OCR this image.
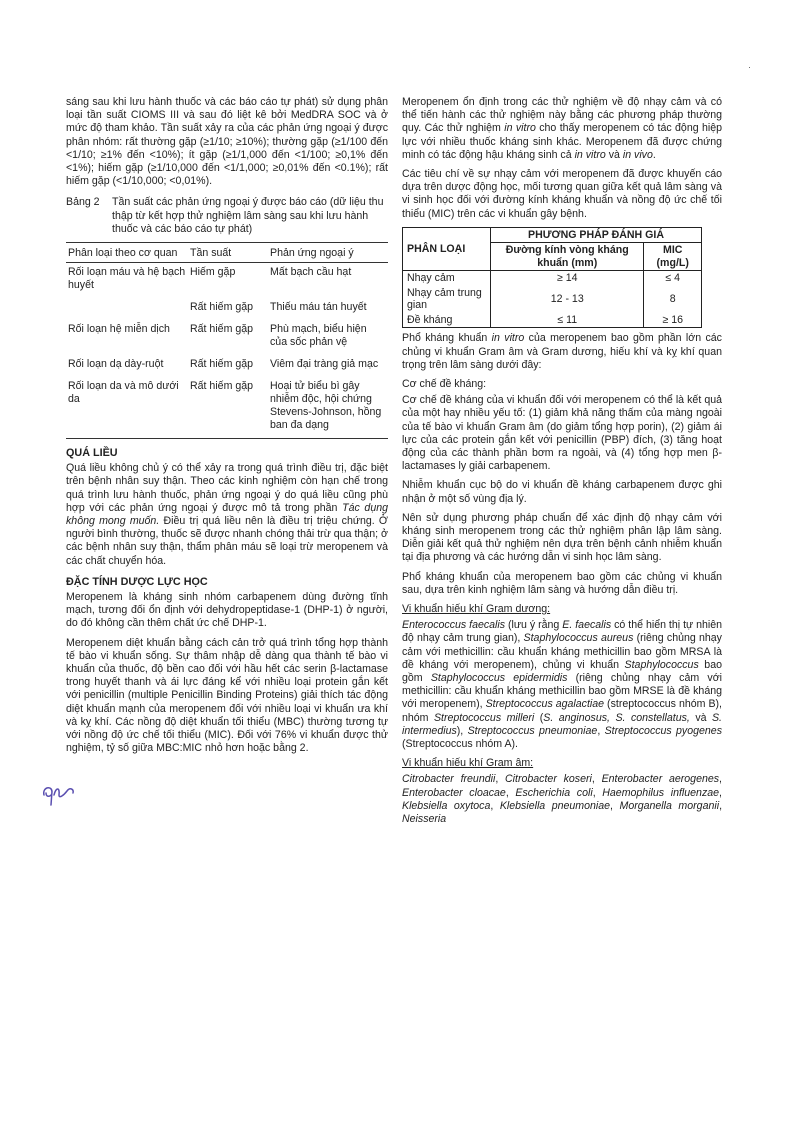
·

sáng sau khi lưu hành thuốc và các báo cáo tự phát) sử dụng phân loại tần suất CIOMS III và sau đó liệt kê bởi MedDRA SOC và ở mức độ tham khảo. Tần suất xảy ra của các phản ứng ngoại ý được phân nhóm: rất thường gặp (≥1/10; ≥10%); thường gặp (≥1/100 đến <1/10; ≥1% đến <10%); ít gặp (≥1/1,000 đến <1/100; ≥0,1% đến <1%); hiếm gặp (≥1/10,000 đến <1/1,000; ≥0,01% đến <0.1%); rất hiếm gặp (<1/10,000; <0,01%).

Bảng 2	Tần suất các phản ứng ngoại ý được báo cáo (dữ liệu thu thập từ kết hợp thử nghiệm lâm sàng sau khi lưu hành thuốc và các báo cáo tự phát)
Phân loại theo cơ quan	Tần suất	Phản ứng ngoại ý
Rối loạn máu và hệ bạch huyết	Hiếm gặp	Mất bạch cầu hạt
	Rất hiếm gặp	Thiếu máu tán huyết
Rối loạn hệ miễn dịch	Rất hiếm gặp	Phù mạch, biểu hiện của sốc phản vệ
Rối loạn dạ dày-ruột	Rất hiếm gặp	Viêm đại tràng giả mạc
Rối loạn da và mô dưới da	Rất hiếm gặp	Hoại tử biểu bì gây nhiễm độc, hội chứng Stevens-Johnson, hồng ban đa dạng
QUÁ LIỀU

Quá liều không chủ ý có thể xảy ra trong quá trình điều trị, đặc biệt trên bệnh nhân suy thận. Theo các kinh nghiệm còn hạn chế trong quá trình lưu hành thuốc, phản ứng ngoại ý do quá liều cũng phù hợp với các phản ứng ngoại ý được mô tả trong phần Tác dụng không mong muốn. Điều trị quá liều nên là điều trị triệu chứng. Ở người bình thường, thuốc sẽ được nhanh chóng thải trừ qua thận; ở các bệnh nhân suy thận, thẩm phân máu sẽ loại trừ meropenem và các chất chuyển hóa.

ĐẶC TÍNH DƯỢC LỰC HỌC

Meropenem là kháng sinh nhóm carbapenem dùng đường tĩnh mạch, tương đối ổn định với dehydropeptidase-1 (DHP-1) ở người, do đó không cần thêm chất ức chế DHP-1.

Meropenem diệt khuẩn bằng cách cản trở quá trình tổng hợp thành tế bào vi khuẩn sống. Sự thâm nhập dễ dàng qua thành tế bào vi khuẩn của thuốc, độ bền cao đối với hầu hết các serin β-lactamase trong huyết thanh và ái lực đáng kể với nhiều loại protein gắn kết với penicillin (multiple Penicillin Binding Proteins) giải thích tác động diệt khuẩn mạnh của meropenem đối với nhiều loại vi khuẩn ưa khí và kỵ khí. Các nồng độ diệt khuẩn tối thiểu (MBC) thường tương tự với nồng độ ức chế tối thiểu (MIC). Đối với 76% vi khuẩn được thử nghiệm, tỷ số giữa MBC:MIC nhỏ hơn hoặc bằng 2.

Meropenem ổn định trong các thử nghiệm về độ nhạy cảm và có thể tiến hành các thử nghiệm này bằng các phương pháp thường quy. Các thử nghiệm in vitro cho thấy meropenem có tác động hiệp lực với nhiều thuốc kháng sinh khác. Meropenem đã được chứng minh có tác động hậu kháng sinh cả in vitro và in vivo.

Các tiêu chí về sự nhạy cảm với meropenem đã được khuyến cáo dựa trên dược động học, mối tương quan giữa kết quả lâm sàng và vi sinh học đối với đường kính kháng khuẩn và nồng độ ức chế tối thiểu (MIC) trên các vi khuẩn gây bệnh.

PHÂN LOẠI	PHƯƠNG PHÁP ĐÁNH GIÁ	
	Đường kính vòng kháng khuẩn (mm)	MIC (mg/L)
Nhạy cảm	≥ 14	≤ 4
Nhạy cảm trung gian	12 - 13	8
Đề kháng	≤ 11	≥ 16

Phổ kháng khuẩn in vitro của meropenem bao gồm phần lớn các chủng vi khuẩn Gram âm và Gram dương, hiếu khí và kỵ khí quan trọng trên lâm sàng dưới đây:

Cơ chế đề kháng:

Cơ chế đề kháng của vi khuẩn đối với meropenem có thể là kết quả của một hay nhiều yếu tố: (1) giảm khả năng thấm của màng ngoài của tế bào vi khuẩn Gram âm (do giảm tổng hợp porin), (2) giảm ái lực của các protein gắn kết với penicillin (PBP) đích, (3) tăng hoạt động của các thành phần bơm ra ngoài, và (4) tổng hợp men β-lactamases ly giải carbapenem.

Nhiễm khuẩn cục bộ do vi khuẩn đề kháng carbapenem được ghi nhận ở một số vùng địa lý.

Nên sử dụng phương pháp chuẩn để xác định độ nhạy cảm với kháng sinh meropenem trong các thử nghiệm phân lập lâm sàng. Diễn giải kết quả thử nghiệm nên dựa trên bệnh cảnh nhiễm khuẩn tại địa phương và các hướng dẫn vi sinh học lâm sàng.

Phổ kháng khuẩn của meropenem bao gồm các chủng vi khuẩn sau, dựa trên kinh nghiệm lâm sàng và hướng dẫn điều trị.

Vi khuẩn hiếu khí Gram dương:

Enterococcus faecalis (lưu ý rằng E. faecalis có thể hiển thị tự nhiên độ nhạy cảm trung gian), Staphylococcus aureus (riêng chủng nhạy cảm với methicillin: cầu khuẩn kháng methicillin bao gồm MRSA là đề kháng với meropenem), chủng vi khuẩn Staphylococcus bao gồm Staphylococcus epidermidis (riêng chủng nhạy cảm với methicillin: cầu khuẩn kháng methicillin bao gồm MRSE là đề kháng với meropenem), Streptococcus agalactiae (streptococcus nhóm B), nhóm Streptococcus milleri (S. anginosus, S. constellatus, và S. intermedius), Streptococcus pneumoniae, Streptococcus pyogenes (Streptococcus nhóm A).

Vi khuẩn hiếu khí Gram âm:

Citrobacter freundii, Citrobacter koseri, Enterobacter aerogenes, Enterobacter cloacae, Escherichia coli, Haemophilus influenzae, Klebsiella oxytoca, Klebsiella pneumoniae, Morganella morganii, Neisseria
